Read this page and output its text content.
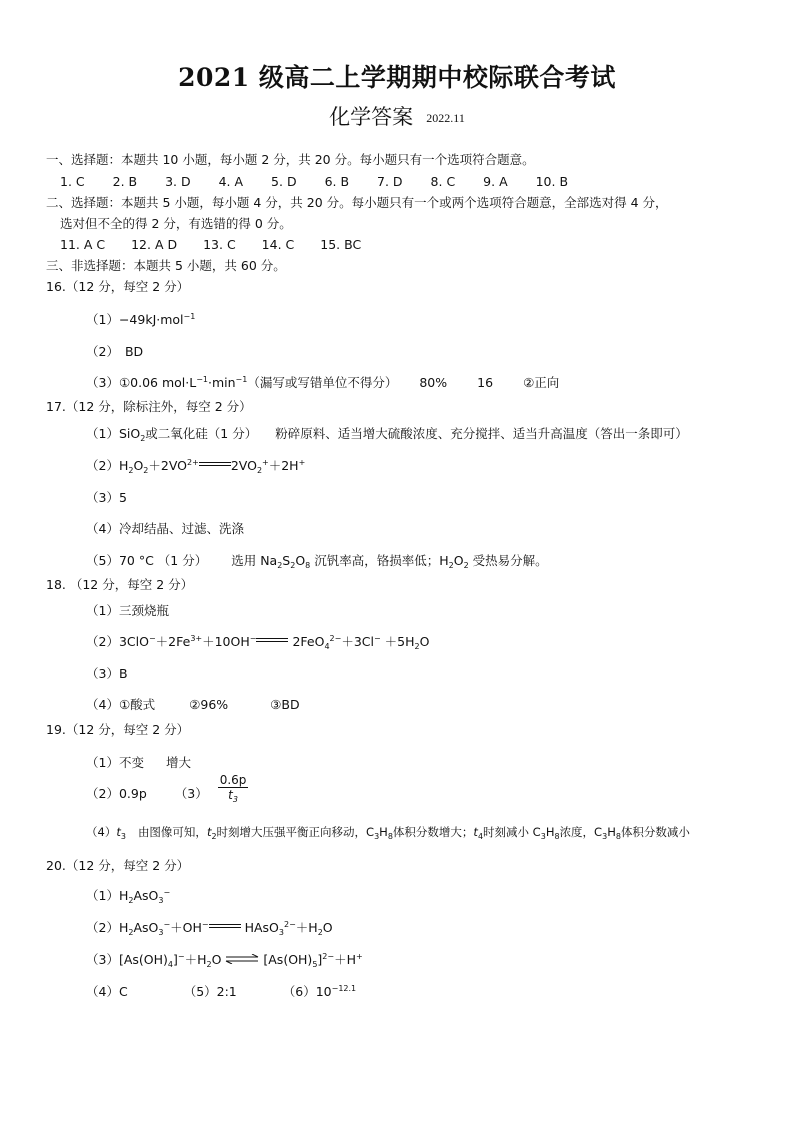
2021 级高二上学期期中校际联合考试
化学答案 2022.11
一、选择题：本题共 10 小题，每小题 2 分，共 20 分。每小题只有一个选项符合题意。
1. C 2. B 3. D 4. A 5. D 6. B 7. D 8. C 9. A 10. B
二、选择题：本题共 5 小题，每小题 4 分，共 20 分。每小题只有一个或两个选项符合题意，全部选对得 4 分，
选对但不全的得 2 分，有选错的得 0 分。
11. A C 12. A D 13. C 14. C 15. BC
三、非选择题：本题共 5 小题，共 60 分。
16.（12 分，每空 2 分）
（1）−49kJ·mol$^{-1}$
（2） BD
（3）①0.06 $mol\cdot L^{-1}\cdot\min^{-1}$（漏写或写错单位不得分） 80% 16 ②正向
17.（12 分，除标注外，每空 2 分）
（1）SiO$_2$或二氧化硅（1 分） 粉碎原料、适当增大硫酸浓度、充分搅拌、适当升高温度（答出一条即可）
$(2)H_2O_2+2VO^{2+}$	$2VO_2^++2H^+$
（3）5
（4）冷却结晶、过滤、洗涤
（5）70 °C （1 分） 选用 $Na_2S_2O_8$ 沉钒率高，铬损率低；$H_2O_2$ 受热易分解。
18. （12 分，每空 2 分）
（1）三颈烧瓶
$(2)3ClO^-+2Fe^{3+}+10OH^-$	$2FeO_4^{2-}+3Cl^- +5H_2O$
（3）B
（4）①酸式	②96%	③BD
19.（12 分，每空 2 分）
（1）不变 增大
（2）0.9p $(3) \frac{0.6p}{t_3}$
$(4)t_3$ 由图像可知，$t_2$时刻增大压强平衡正向移动，$C_3H_8$体积分数增大；$t_4$时刻减小 $C_3H_8$浓度，$C_3H_8$体积分数减小
20.（12 分，每空 2 分）
$(1)H_2AsO_3^-$
$(2)H_2AsO_3^-+OH^-$	$HAsO_3^{2-}+H_2O$
$(3)[As(OH)_4]^-+H_2O$ ⇌ $[As(OH)_5]^{2-}+H^+$
（4）C	（5）2:1	$(6)10^{-12.1}$
